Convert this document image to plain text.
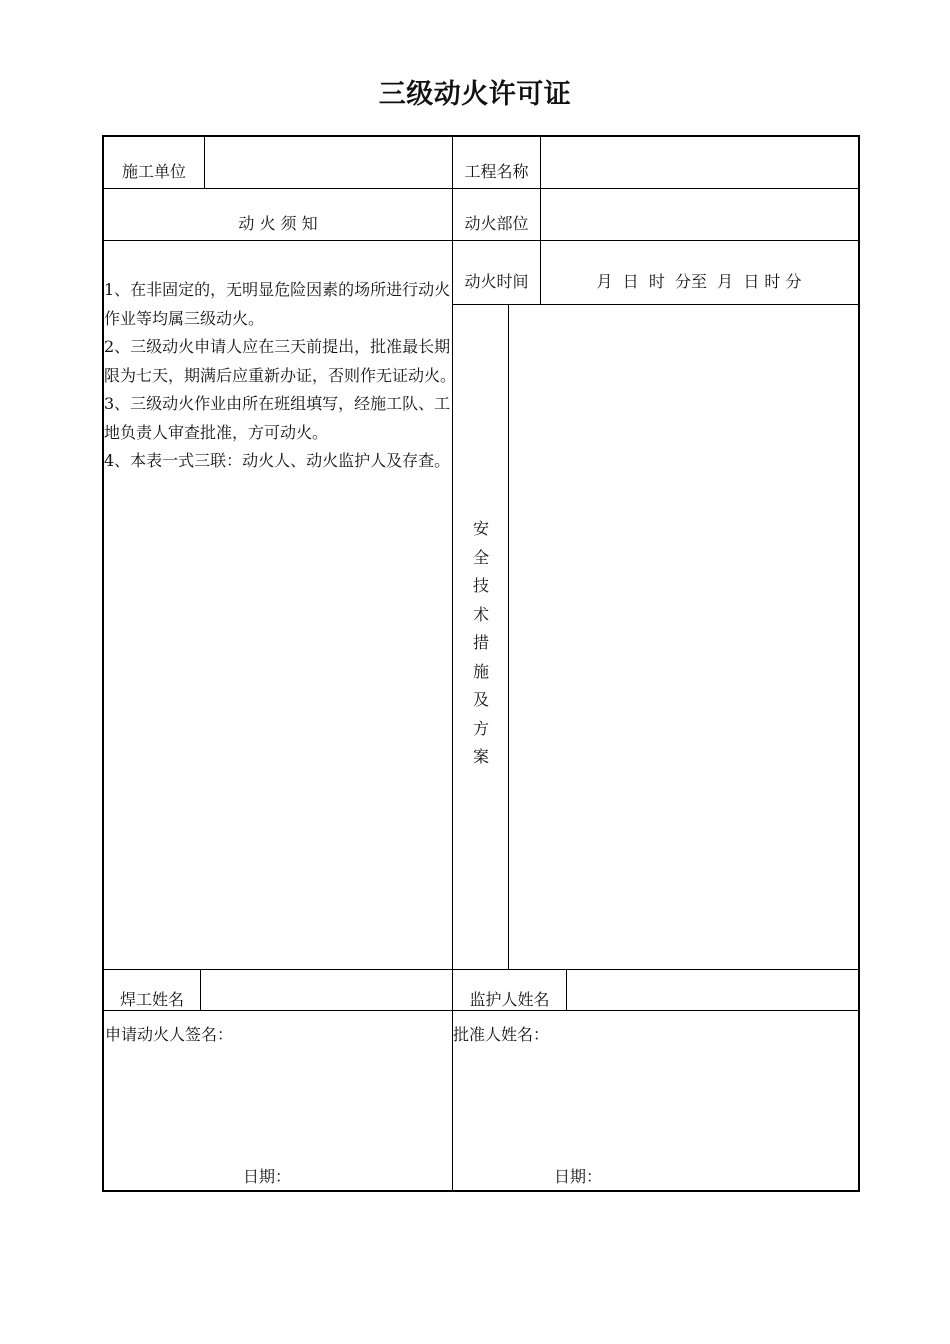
三级动火许可证
施工单位	工程名称
动 火 须 知	动火部位
动火时间	月  日  时  分至  月  日 时 分

1、在非固定的，无明显危险因素的场所进行动火作业等均属三级动火。

2、三级动火申请人应在三天前提出，批准最长期限为七天，期满后应重新办证，否则作无证动火。

3、三级动火作业由所在班组填写，经施工队、工地负责人审查批准，方可动火。

4、本表一式三联：动火人、动火监护人及存查。

安
全
技
术
措
施
及
方
案
焊工姓名	监护人姓名
申请动火人签名：	批准人姓名：
日期：	日期：
